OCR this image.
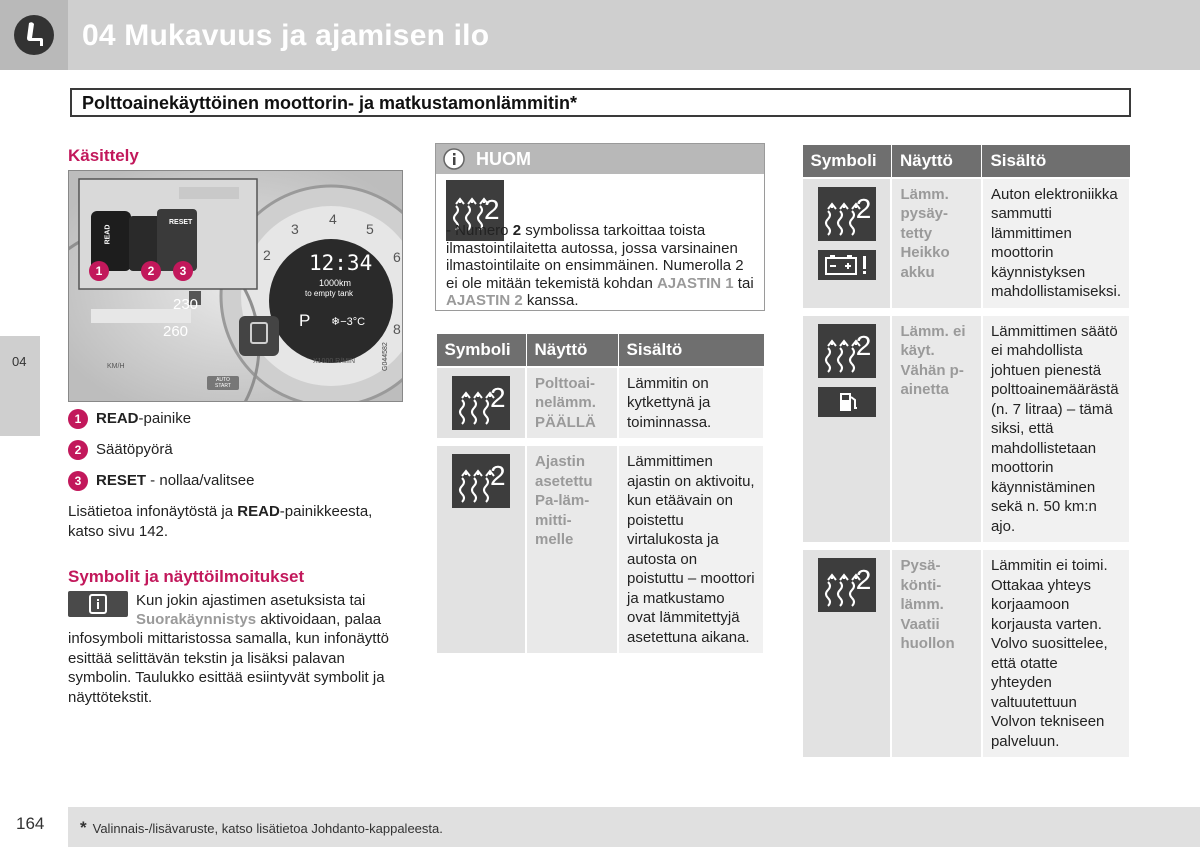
04 Mukavuus ja ajamisen ilo
Polttoainekäyttöinen moottorin- ja matkustamonlämmitin*
04
Käsittely
READ
RESET
1	2	3	12:34
1000km
to empty tank
P ❄−3°C
230
260
2
3
4
5
6
8
X1000 R/MIN
KM/H
AUTO
START
G044582
1 READ-painike
2 Säätöpyörä
3 RESET - nollaa/valitsee
Lisätietoa infonäytöstä ja READ-painikkeesta, katso sivu 142.
Symbolit ja näyttöilmoitukset
Kun jokin ajastimen asetuksista tai
Suorakäynnistys aktivoidaan, palaa
infosymboli mittaristossa samalla, kun infonäyttö esittää selittävän tekstin ja lisäksi palavan symbolin. Taulukko esittää esiintyvät symbolit ja näyttötekstit.
HUOM
2
- Numero 2 symbolissa tarkoittaa toista ilmastointilaitetta autossa, jossa varsinainen ilmastointilaite on ensimmäinen. Numerolla 2 ei ole mitään tekemistä kohdan AJASTIN 1 tai AJASTIN 2 kanssa.
Symboli	Näyttö	Sisältö

2	Polttoai-
nelämm.
PÄÄLLÄ	Lämmitin on kytkettynä ja toiminnassa.

2	Ajastin
asetettu
Pa-läm-
mitti-
melle	Lämmittimen ajastin on aktivoitu, kun etäävain on poistettu virtalukosta ja autosta on poistuttu – moottori ja matkustamo ovat lämmitettyjä asetettuna aikana.
Symboli	Näyttö	Sisältö

2	Lämm.
pysäy-
tetty
Heikko
akku	Auton elektroniikka sammutti lämmittimen moottorin käynnistyksen mahdollistamiseksi.

2	Lämm. ei
käyt.
Vähän p-
ainetta	Lämmittimen säätö ei mahdollista johtuen pienestä polttoainemäärästä
(n. 7 litraa) – tämä siksi, että mahdollistetaan moottorin käynnistäminen sekä n. 50 km:n ajo.

2	Pysä-
könti-
lämm.
Vaatii
huollon	Lämmitin ei toimi. Ottakaa yhteys korjaamoon korjausta varten. Volvo suosittelee, että otatte yhteyden valtuutettuun Volvon tekniseen palveluun.
164 * Valinnais-/lisävaruste, katso lisätietoa Johdanto-kappaleesta.
